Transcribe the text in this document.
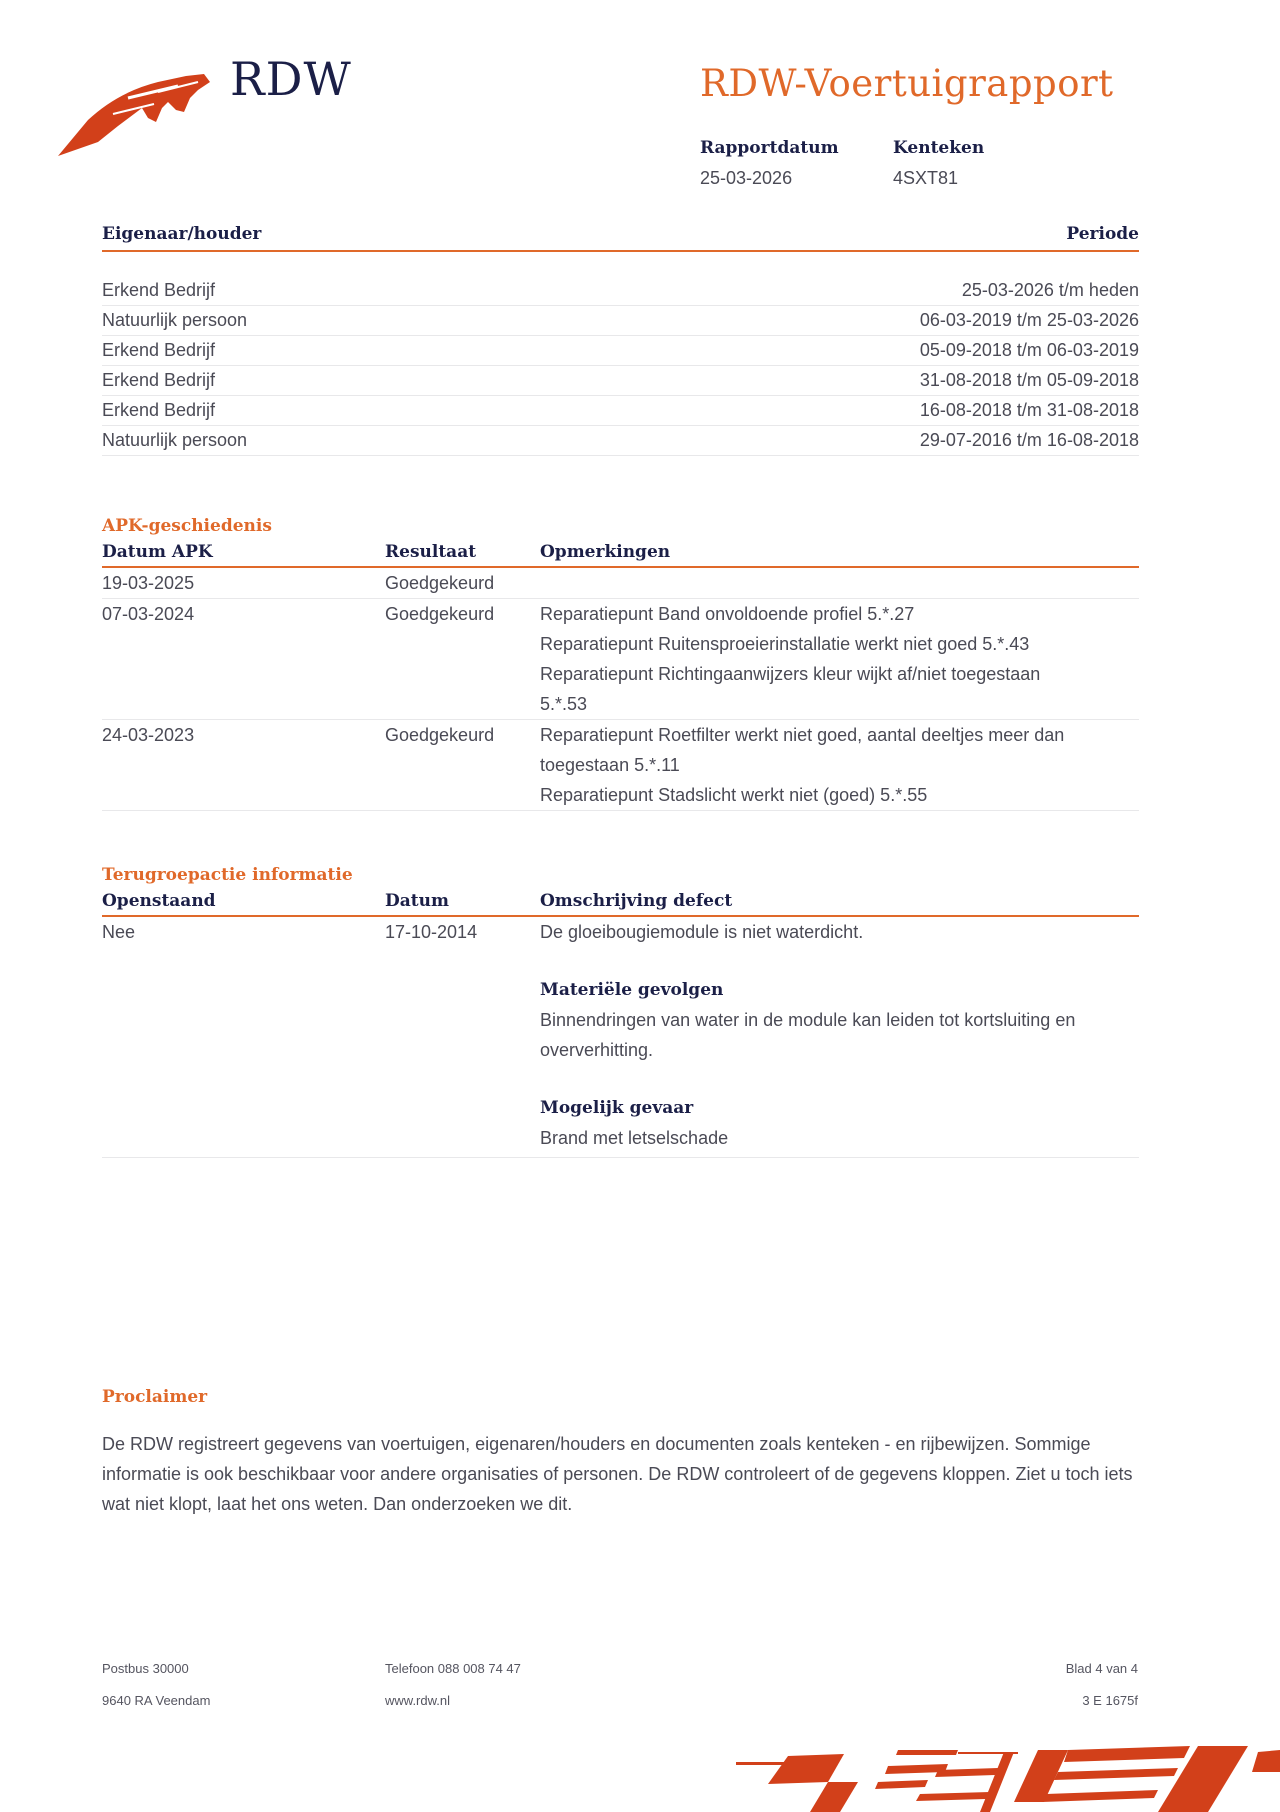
RDW	RDW-Voertuigrapport
Rapportdatum
25-03-2026
Kenteken
4SXT81
Eigenaar/houder	Periode
Erkend Bedrijf	25-03-2026 t/m heden
Natuurlijk persoon	06-03-2019 t/m 25-03-2026
Erkend Bedrijf	05-09-2018 t/m 06-03-2019
Erkend Bedrijf	31-08-2018 t/m 05-09-2018
Erkend Bedrijf	16-08-2018 t/m 31-08-2018
Natuurlijk persoon	29-07-2016 t/m 16-08-2018
APK-geschiedenis
Datum APK	Resultaat	Opmerkingen
19-03-2025	Goedgekeurd
07-03-2024	Goedgekeurd	Reparatiepunt Band onvoldoende profiel 5.*.27
Reparatiepunt Ruitensproeierinstallatie werkt niet goed 5.*.43
Reparatiepunt Richtingaanwijzers kleur wijkt af/niet toegestaan 5.*.53
24-03-2023	Goedgekeurd	Reparatiepunt Roetfilter werkt niet goed, aantal deeltjes meer dan toegestaan 5.*.11
Reparatiepunt Stadslicht werkt niet (goed) 5.*.55
Terugroepactie informatie
Openstaand	Datum	Omschrijving defect
Nee	17-10-2014	De gloeibougiemodule is niet waterdicht.
Materiële gevolgen
Binnendringen van water in de module kan leiden tot kortsluiting en oververhitting.
Mogelijk gevaar
Brand met letselschade
Proclaimer
De RDW registreert gegevens van voertuigen, eigenaren/houders en documenten zoals kenteken - en rijbewijzen. Sommige informatie is ook beschikbaar voor andere organisaties of personen. De RDW controleert of de gegevens kloppen. Ziet u toch iets wat niet klopt, laat het ons weten. Dan onderzoeken we dit.
Postbus 30000
9640 RA Veendam
Telefoon 088 008 74 47
www.rdw.nl
Blad 4 van 4
3 E 1675f
